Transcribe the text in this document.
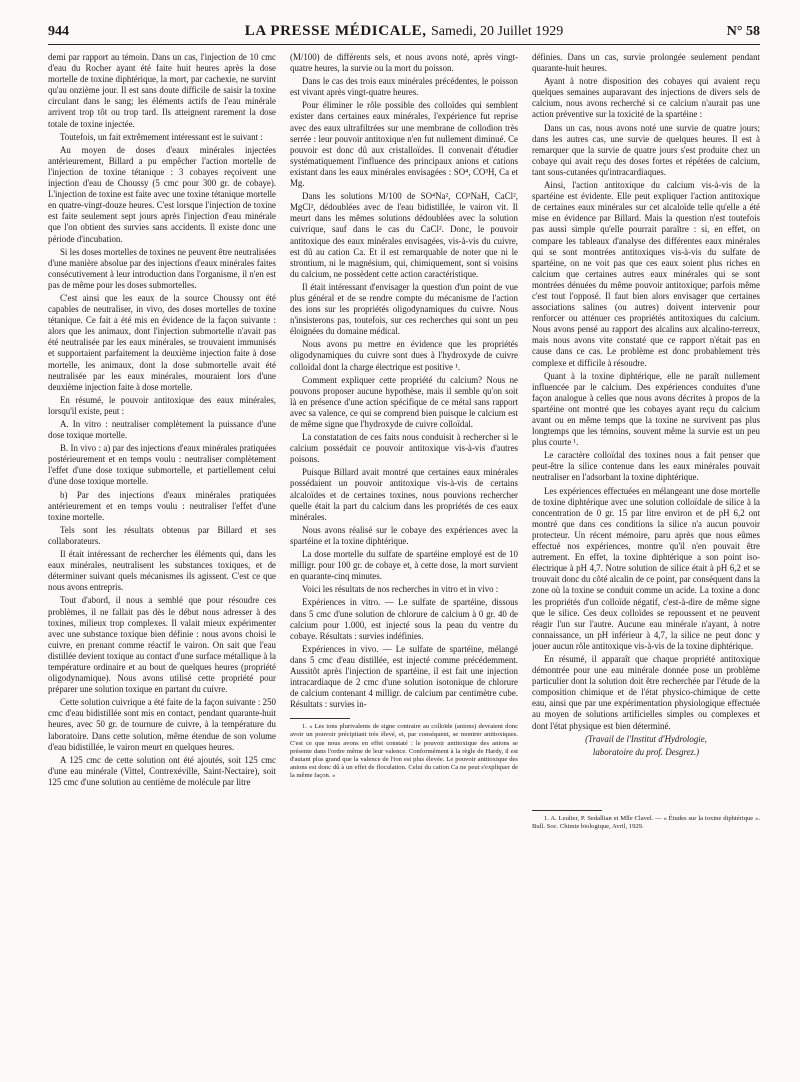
944	LA PRESSE MÉDICALE, Samedi, 20 Juillet 1929	N° 58

demi par rapport au témoin. Dans un cas, l'injection de 10 cmc d'eau du Rocher ayant été faite huit heures après la dose mortelle de toxine diphtérique, la mort, par cachexie, ne survint qu'au onzième jour. Il est sans doute difficile de saisir la toxine circulant dans le sang; les éléments actifs de l'eau minérale arrivent trop tôt ou trop tard. Ils atteignent rarement la dose totale de toxine injectée.

Toutefois, un fait extrêmement intéressant est le suivant :

Au moyen de doses d'eaux minérales injectées antérieurement, Billard a pu empêcher l'action mortelle de l'injection de toxine tétanique : 3 cobayes reçoivent une injection d'eau de Choussy (5 cmc pour 300 gr. de cobaye). L'injection de toxine est faite avec une toxine tétanique mortelle en quatre-vingt-douze heures. C'est lorsque l'injection de toxine est faite seulement sept jours après l'injection d'eau minérale que l'on obtient des survies sans accidents. Il existe donc une période d'incubation.

Si les doses mortelles de toxines ne peuvent être neutralisées d'une manière absolue par des injections d'eaux minérales faites consécutivement à leur introduction dans l'organisme, il n'en est pas de même pour les doses submortelles.

C'est ainsi que les eaux de la source Choussy ont été capables de neutraliser, in vivo, des doses mortelles de toxine tétanique. Ce fait a été mis en évidence de la façon suivante : alors que les animaux, dont l'injection submortelle n'avait pas été neutralisée par les eaux minérales, se trouvaient immunisés et supportaient parfaitement la deuxième injection faite à dose mortelle, les animaux, dont la dose submortelle avait été neutralisée par les eaux minérales, mouraient lors d'une deuxième injection faite à dose mortelle.

En résumé, le pouvoir antitoxique des eaux minérales, lorsqu'il existe, peut :

A. In vitro : neutraliser complètement la puissance d'une dose toxique mortelle.

B. In vivo : a) par des injections d'eaux minérales pratiquées postérieurement et en temps voulu : neutraliser complètement l'effet d'une dose toxique submortelle, et partiellement celui d'une dose toxique mortelle.

b) Par des injections d'eaux minérales pratiquées antérieurement et en temps voulu : neutraliser l'effet d'une toxine mortelle.

Tels sont les résultats obtenus par Billard et ses collaborateurs.

Il était intéressant de rechercher les éléments qui, dans les eaux minérales, neutralisent les substances toxiques, et de déterminer suivant quels mécanismes ils agissent. C'est ce que nous avons entrepris.

Tout d'abord, il nous a semblé que pour résoudre ces problèmes, il ne fallait pas dès le début nous adresser à des toxines, milieux trop complexes. Il valait mieux expérimenter avec une substance toxique bien définie : nous avons choisi le cuivre, en prenant comme réactif le vairon. On sait que l'eau distillée devient toxique au contact d'une surface métallique à la température ordinaire et au bout de quelques heures (propriété oligodynamique). Nous avons utilisé cette propriété pour préparer une solution toxique en partant du cuivre.

Cette solution cuivrique a été faite de la façon suivante : 250 cmc d'eau bidistillée sont mis en contact, pendant quarante-huit heures, avec 50 gr. de tournure de cuivre, à la température du laboratoire. Dans cette solution, même étendue de son volume d'eau bidistillée, le vairon meurt en quelques heures.

A 125 cmc de cette solution ont été ajoutés, soit 125 cmc d'une eau minérale (Vittel, Contrexéville, Saint-Nectaire), soit 125 cmc d'une solution au centième de molécule par litre

(M/100) de différents sels, et nous avons noté, après vingt-quatre heures, la survie ou la mort du poisson.

Dans le cas des trois eaux minérales précédentes, le poisson est vivant après vingt-quatre heures.

Pour éliminer le rôle possible des colloïdes qui semblent exister dans certaines eaux minérales, l'expérience fut reprise avec des eaux ultrafiltrées sur une membrane de collodion très serrée : leur pouvoir antitoxique n'en fut nullement diminué. Ce pouvoir est donc dû aux cristalloïdes. Il convenait d'étudier systématiquement l'influence des principaux anions et cations existant dans les eaux minérales envisagées : SO⁴, CO³H, Ca et Mg.

Dans les solutions M/100 de SO⁴Na², CO³NaH, CaCl², MgCl², dédoublées avec de l'eau bidistillée, le vairon vit. Il meurt dans les mêmes solutions dédoublées avec la solution cuivrique, sauf dans le cas du CaCl². Donc, le pouvoir antitoxique des eaux minérales envisagées, vis-à-vis du cuivre, est dû au cation Ca. Et il est remarquable de noter que ni le strontium, ni le magnésium, qui, chimiquement, sont si voisins du calcium, ne possèdent cette action caractéristique.

Il était intéressant d'envisager la question d'un point de vue plus général et de se rendre compte du mécanisme de l'action des ions sur les propriétés oligodynamiques du cuivre. Nous n'insisterons pas, toutefois, sur ces recherches qui sont un peu éloignées du domaine médical.

Nous avons pu mettre en évidence que les propriétés oligodynamiques du cuivre sont dues à l'hydroxyde de cuivre colloïdal dont la charge électrique est positive ¹.

Comment expliquer cette propriété du calcium? Nous ne pouvons proposer aucune hypothèse, mais il semble qu'on soit là en présence d'une action spécifique de ce métal sans rapport avec sa valence, ce qui se comprend bien puisque le calcium est de même signe que l'hydroxyde de cuivre colloïdal.

La constatation de ces faits nous conduisit à rechercher si le calcium possédait ce pouvoir antitoxique vis-à-vis d'autres poisons.

Puisque Billard avait montré que certaines eaux minérales possédaient un pouvoir antitoxique vis-à-vis de certains alcaloïdes et de certaines toxines, nous pouvions rechercher quelle était la part du calcium dans les propriétés de ces eaux minérales.

Nous avons réalisé sur le cobaye des expériences avec la spartéine et la toxine diphtérique.

La dose mortelle du sulfate de spartéine employé est de 10 milligr. pour 100 gr. de cobaye et, à cette dose, la mort survient en quarante-cinq minutes.

Voici les résultats de nos recherches in vitro et in vivo :

Expériences in vitro. — Le sulfate de spartéine, dissous dans 5 cmc d'une solution de chlorure de calcium à 0 gr. 40 de calcium pour 1.000, est injecté sous la peau du ventre du cobaye. Résultats : survies indéfinies.

Expériences in vivo. — Le sulfate de spartéine, mélangé dans 5 cmc d'eau distillée, est injecté comme précédemment. Aussitôt après l'injection de spartéine, il est fait une injection intracardiaque de 2 cmc d'une solution isotonique de chlorure de calcium contenant 4 milligr. de calcium par centimètre cube. Résultats : survies in-

1. « Les ions plurivalents de signe contraire au colloïde (anions) devraient donc avoir un pouvoir précipitant très élevé, et, par conséquent, se montrer antitoxiques. C'est ce que nous avons en effet constaté : le pouvoir antitoxique des anions se présente dans l'ordre même de leur valence. Conformément à la règle de Hardy, il est d'autant plus grand que la valence de l'ion est plus élevée. Le pouvoir antitoxique des anions est donc dû à un effet de floculation. Celui du cation Ca ne peut s'expliquer de la même façon. »

définies. Dans un cas, survie prolongée seulement pendant quarante-huit heures.

Ayant à notre disposition des cobayes qui avaient reçu quelques semaines auparavant des injections de divers sels de calcium, nous avons recherché si ce calcium n'aurait pas une action préventive sur la toxicité de la spartéine :

Dans un cas, nous avons noté une survie de quatre jours; dans les autres cas, une survie de quelques heures. Il est à remarquer que la survie de quatre jours s'est produite chez un cobaye qui avait reçu des doses fortes et répétées de calcium, tant sous-cutanées qu'intracardiaques.

Ainsi, l'action antitoxique du calcium vis-à-vis de la spartéine est évidente. Elle peut expliquer l'action antitoxique de certaines eaux minérales sur cet alcaloïde telle qu'elle a été mise en évidence par Billard. Mais la question n'est toutefois pas aussi simple qu'elle pourrait paraître : si, en effet, on compare les tableaux d'analyse des différentes eaux minérales qui se sont montrées antitoxiques vis-à-vis du sulfate de spartéine, on ne voit pas que ces eaux soient plus riches en calcium que certaines autres eaux minérales qui se sont montrées dénuées du même pouvoir antitoxique; parfois même c'est tout l'opposé. Il faut bien alors envisager que certaines associations salines (ou autres) doivent intervenir pour renforcer ou atténuer ces propriétés antitoxiques du calcium. Nous avons pensé au rapport des alcalins aux alcalino-terreux, mais nous avons vite constaté que ce rapport n'était pas en cause dans ce cas. Le problème est donc probablement très complexe et difficile à résoudre.

Quant à la toxine diphtérique, elle ne paraît nullement influencée par le calcium. Des expériences conduites d'une façon analogue à celles que nous avons décrites à propos de la spartéine ont montré que les cobayes ayant reçu du calcium avant ou en même temps que la toxine ne survivent pas plus longtemps que les témoins, souvent même la survie est un peu plus courte ¹.

Le caractère colloïdal des toxines nous a fait penser que peut-être la silice contenue dans les eaux minérales pouvait neutraliser en l'adsorbant la toxine diphtérique.

Les expériences effectuées en mélangeant une dose mortelle de toxine diphtérique avec une solution colloïdale de silice à la concentration de 0 gr. 15 par litre environ et de pH 6,2 ont montré que dans ces conditions la silice n'a aucun pouvoir protecteur. Un récent mémoire, paru après que nous eûmes effectué nos expériences, montre qu'il n'en pouvait être autrement. En effet, la toxine diphtérique a son point iso-électrique à pH 4,7. Notre solution de silice était à pH 6,2 et se trouvait donc du côté alcalin de ce point, par conséquent dans la zone où la toxine se conduit comme un acide. La toxine a donc les propriétés d'un colloïde négatif, c'est-à-dire de même signe que le silice. Ces deux colloïdes se repoussent et ne peuvent réagir l'un sur l'autre. Aucune eau minérale n'ayant, à notre connaissance, un pH inférieur à 4,7, la silice ne peut donc y jouer aucun rôle antitoxique vis-à-vis de la toxine diphtérique.

En résumé, il apparaît que chaque propriété antitoxique démontrée pour une eau minérale donnée pose un problème particulier dont la solution doit être recherchée par l'étude de la composition chimique et de l'état physico-chimique de cette eau, ainsi que par une expérimentation physiologique effectuée au moyen de solutions artificielles simples ou complexes et dont l'état physique est bien déterminé.

(Travail de l'Institut d'Hydrologie,

laboratoire du prof. Desgrez.)

1. A. Leulier, P. Sedallian et Mlle Clavel. — « Études sur la toxine diphtérique ». Bull. Soc. Chimie biologique, Avril, 1929.
